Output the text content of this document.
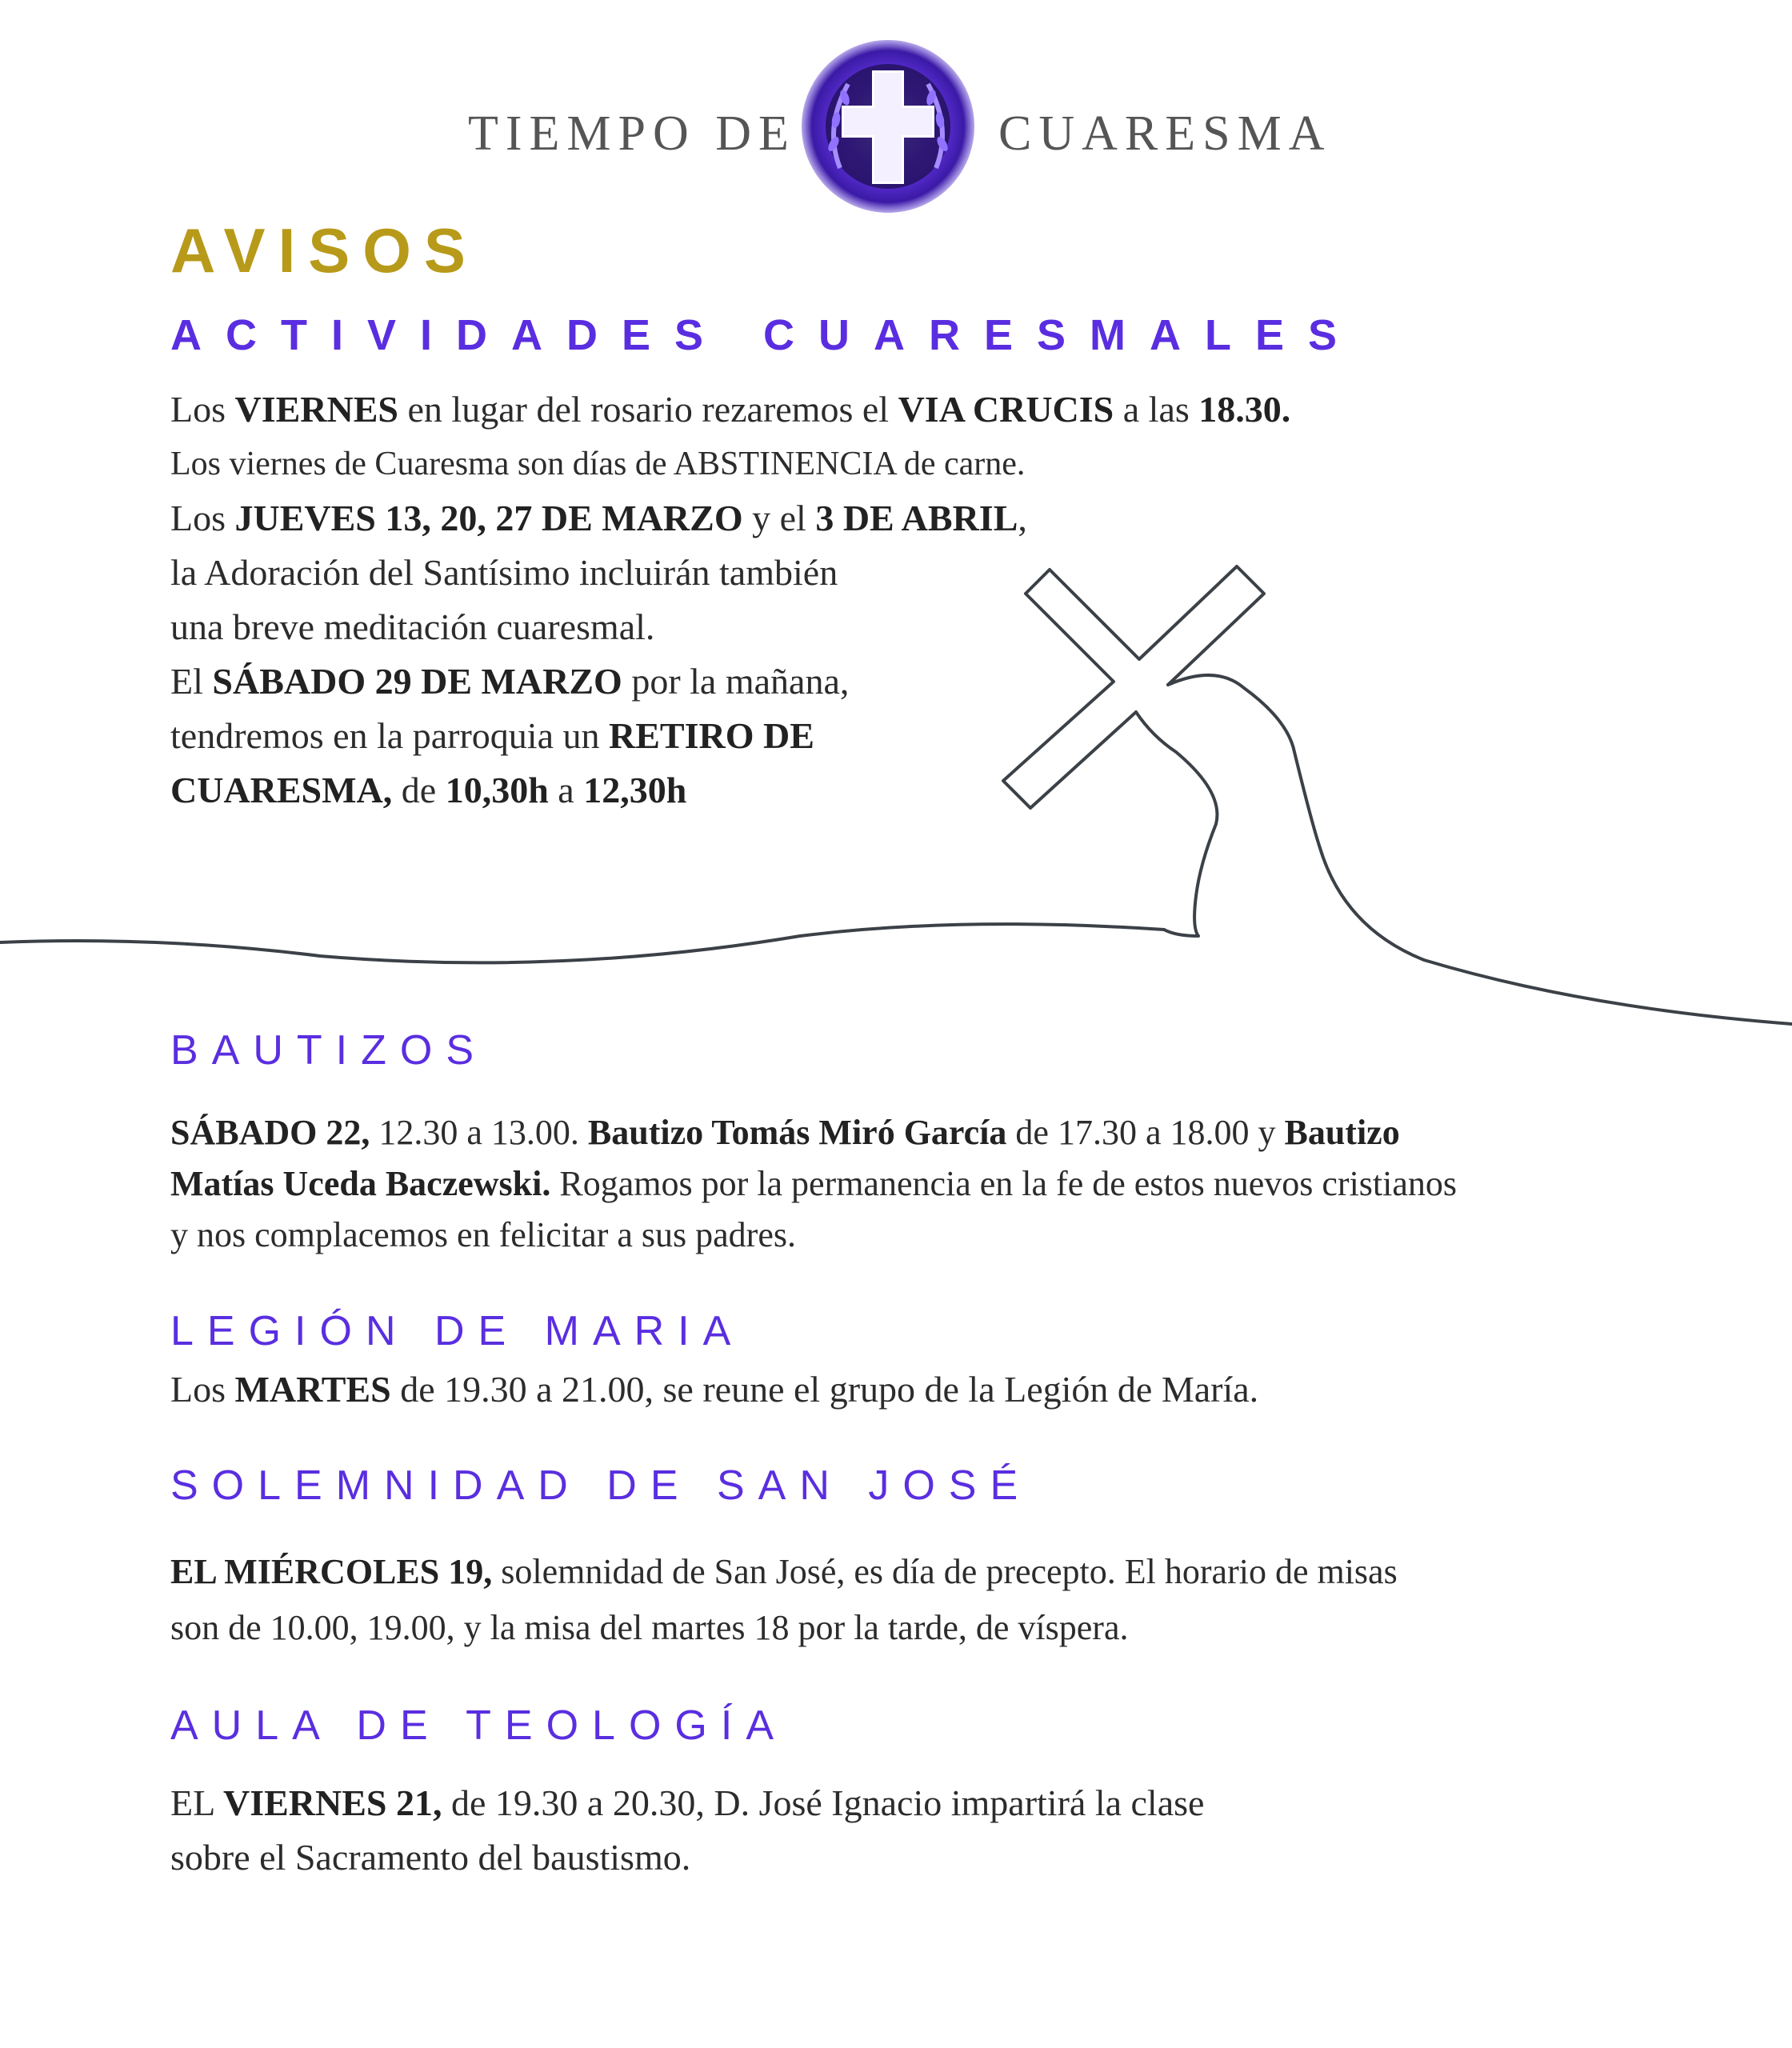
TIEMPO DE	CUARESMA
AVISOS
ACTIVIDADES CUARESMALES
Los VIERNES en lugar del rosario rezaremos el VIA CRUCIS a las 18.30.
Los viernes de Cuaresma son días de ABSTINENCIA de carne.
Los JUEVES 13, 20, 27 DE MARZO y el 3 DE ABRIL,
la Adoración del Santísimo incluirán también
una breve meditación cuaresmal.
El SÁBADO 29 DE MARZO por la mañana,
tendremos en la parroquia un RETIRO DE
CUARESMA, de 10,30h a 12,30h
BAUTIZOS
SÁBADO 22, 12.30 a 13.00. Bautizo Tomás Miró García de 17.30 a 18.00 y Bautizo
Matías Uceda Baczewski. Rogamos por la permanencia en la fe de estos nuevos cristianos
y nos complacemos en felicitar a sus padres.
LEGIÓN DE MARIA
Los MARTES de 19.30 a 21.00, se reune el grupo de la Legión de María.
SOLEMNIDAD DE SAN JOSÉ
EL MIÉRCOLES 19, solemnidad de San José, es día de precepto. El horario de misas
son de 10.00, 19.00, y la misa del martes 18 por la tarde, de víspera.
AULA DE TEOLOGÍA
EL VIERNES 21, de 19.30 a 20.30, D. José Ignacio impartirá la clase
sobre el Sacramento del baustismo.
